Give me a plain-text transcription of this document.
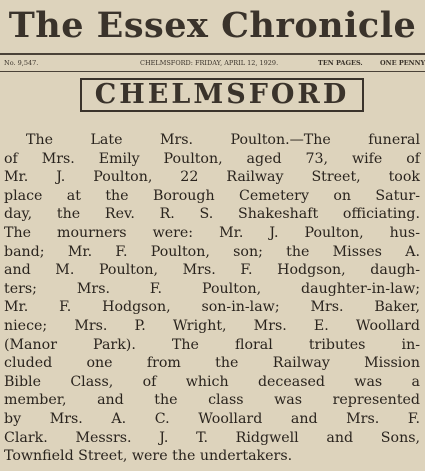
The Essex Chronicle
No. 9,547.	CHELMSFORD: FRIDAY, APRIL 12, 1929.	TEN PAGES.	ONE PENNY
CHELMSFORD
The Late Mrs. Poulton.—The funeral
of Mrs. Emily Poulton, aged 73, wife of
Mr. J. Poulton, 22 Railway Street, took
place at the Borough Cemetery on Satur-
day, the Rev. R. S. Shakeshaft officiating.
The mourners were: Mr. J. Poulton, hus-
band; Mr. F. Poulton, son; the Misses A.
and M. Poulton, Mrs. F. Hodgson, daugh-
ters; Mrs. F. Poulton, daughter-in-law;
Mr. F. Hodgson, son-in-law; Mrs. Baker,
niece; Mrs. P. Wright, Mrs. E. Woollard
(Manor Park). The floral tributes in-
cluded one from the Railway Mission
Bible Class, of which deceased was a
member, and the class was represented
by Mrs. A. C. Woollard and Mrs. F.
Clark. Messrs. J. T. Ridgwell and Sons,
Townfield Street, were the undertakers.
